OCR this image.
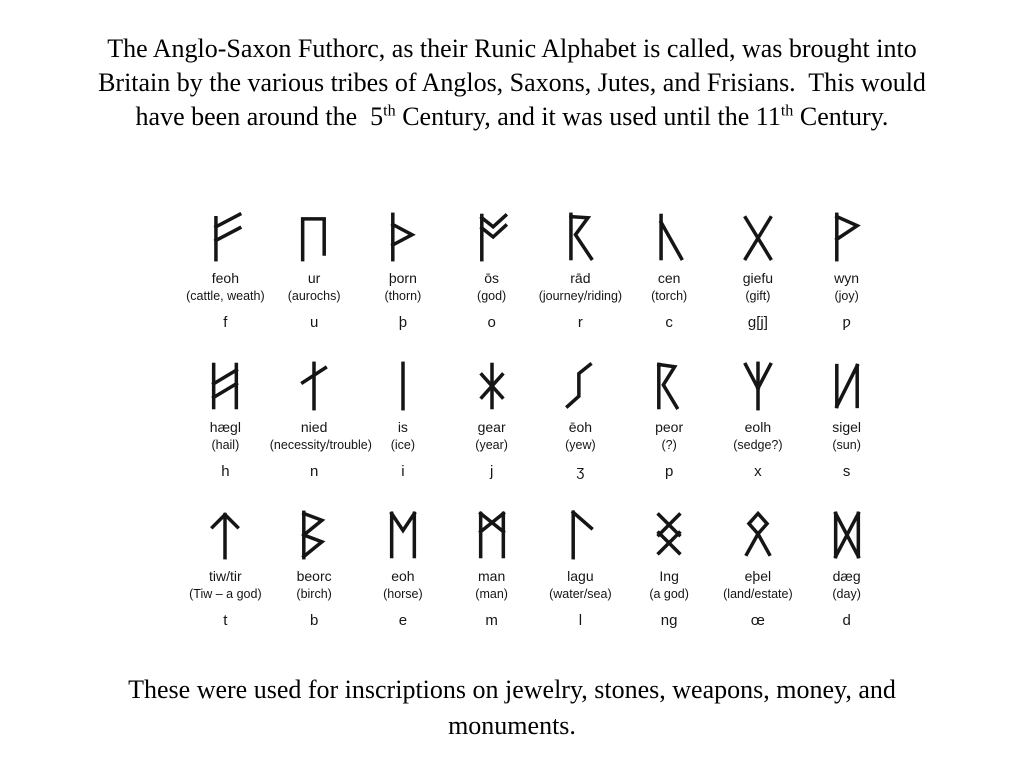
The Anglo-Saxon Futhorc, as their Runic Alphabet is called, was brought into
Britain by the various tribes of Anglos, Saxons, Jutes, and Frisians.  This would
have been around the  5th Century, and it was used until the 11th Century.
feoh
(cattle, weath)
f
ur
(aurochs)
u
þorn
(thorn)
þ
ōs
(god)
o
rād
(journey/riding)
r
cen
(torch)
c
giefu
(gift)
g[j]
wyn
(joy)
ƿ
hægl
(hail)
h
nied
(necessity/trouble)
n
is
(ice)
i
gear
(year)
j
ēoh
(yew)
ʒ
peor
(?)
p
eolh
(sedge?)
x
sigel
(sun)
s
tiw/tir
(Tiw – a god)
t
beorc
(birch)
b
eoh
(horse)
e
man
(man)
m
lagu
(water/sea)
l
Ing
(a god)
ng
eþel
(land/estate)
œ
dæg
(day)
d
These were used for inscriptions on jewelry, stones, weapons, money, and
monuments.
